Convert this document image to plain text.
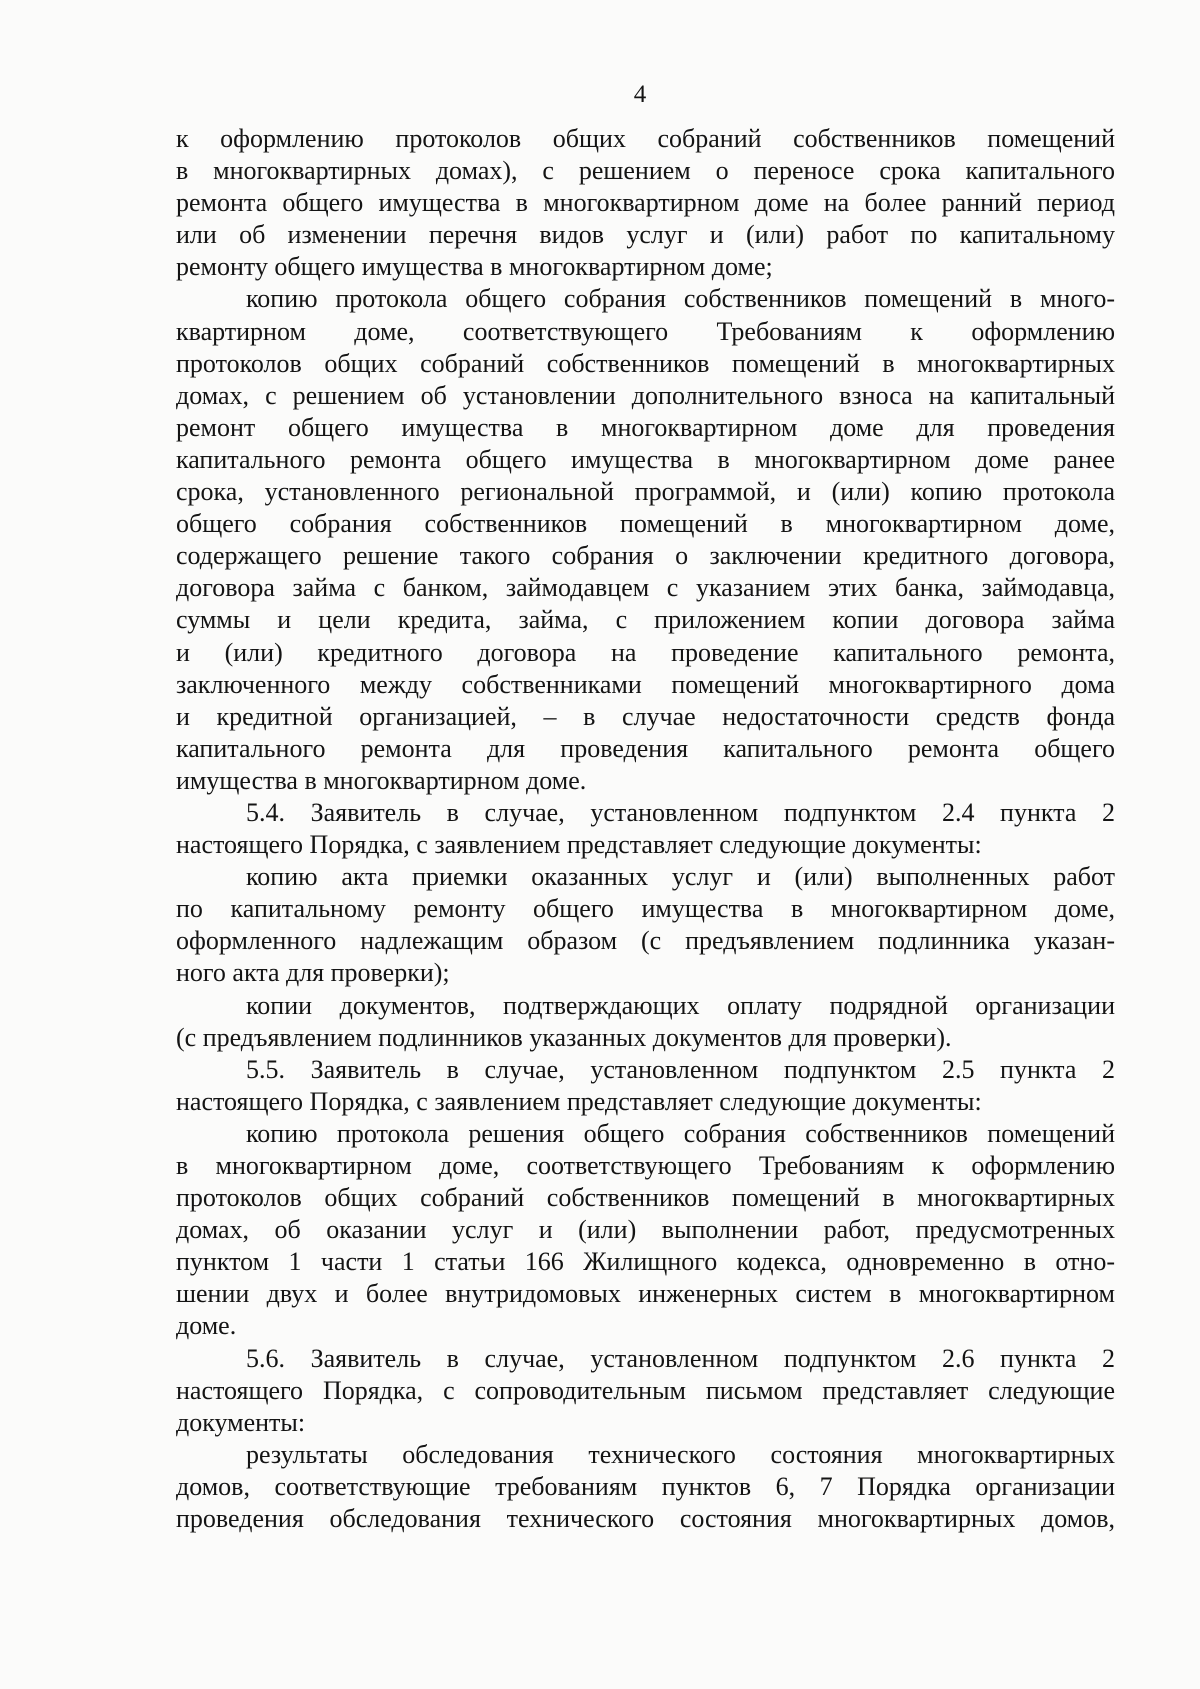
4
к оформлению протоколов общих собраний собственников помещений
в многоквартирных домах), с решением о переносе срока капитального
ремонта общего имущества в многоквартирном доме на более ранний период
или об изменении перечня видов услуг и (или) работ по капитальному
ремонту общего имущества в многоквартирном доме;
копию протокола общего собрания собственников помещений в много-
квартирном доме, соответствующего Требованиям к оформлению
протоколов общих собраний собственников помещений в многоквартирных
домах, с решением об установлении дополнительного взноса на капитальный
ремонт общего имущества в многоквартирном доме для проведения
капитального ремонта общего имущества в многоквартирном доме ранее
срока, установленного региональной программой, и (или) копию протокола
общего собрания собственников помещений в многоквартирном доме,
содержащего решение такого собрания о заключении кредитного договора,
договора займа с банком, займодавцем с указанием этих банка, займодавца,
суммы и цели кредита, займа, с приложением копии договора займа
и (или) кредитного договора на проведение капитального ремонта,
заключенного между собственниками помещений многоквартирного дома
и кредитной организацией, – в случае недостаточности средств фонда
капитального ремонта для проведения капитального ремонта общего
имущества в многоквартирном доме.
5.4. Заявитель в случае, установленном подпунктом 2.4 пункта 2
настоящего Порядка, с заявлением представляет следующие документы:
копию акта приемки оказанных услуг и (или) выполненных работ
по капитальному ремонту общего имущества в многоквартирном доме,
оформленного надлежащим образом (с предъявлением подлинника указан-
ного акта для проверки);
копии документов, подтверждающих оплату подрядной организации
(с предъявлением подлинников указанных документов для проверки).
5.5. Заявитель в случае, установленном подпунктом 2.5 пункта 2
настоящего Порядка, с заявлением представляет следующие документы:
копию протокола решения общего собрания собственников помещений
в многоквартирном доме, соответствующего Требованиям к оформлению
протоколов общих собраний собственников помещений в многоквартирных
домах, об оказании услуг и (или) выполнении работ, предусмотренных
пунктом 1 части 1 статьи 166 Жилищного кодекса, одновременно в отно-
шении двух и более внутридомовых инженерных систем в многоквартирном
доме.
5.6. Заявитель в случае, установленном подпунктом 2.6 пункта 2
настоящего Порядка, с сопроводительным письмом представляет следующие
документы:
результаты обследования технического состояния многоквартирных
домов, соответствующие требованиям пунктов 6, 7 Порядка организации
проведения обследования технического состояния многоквартирных домов,
